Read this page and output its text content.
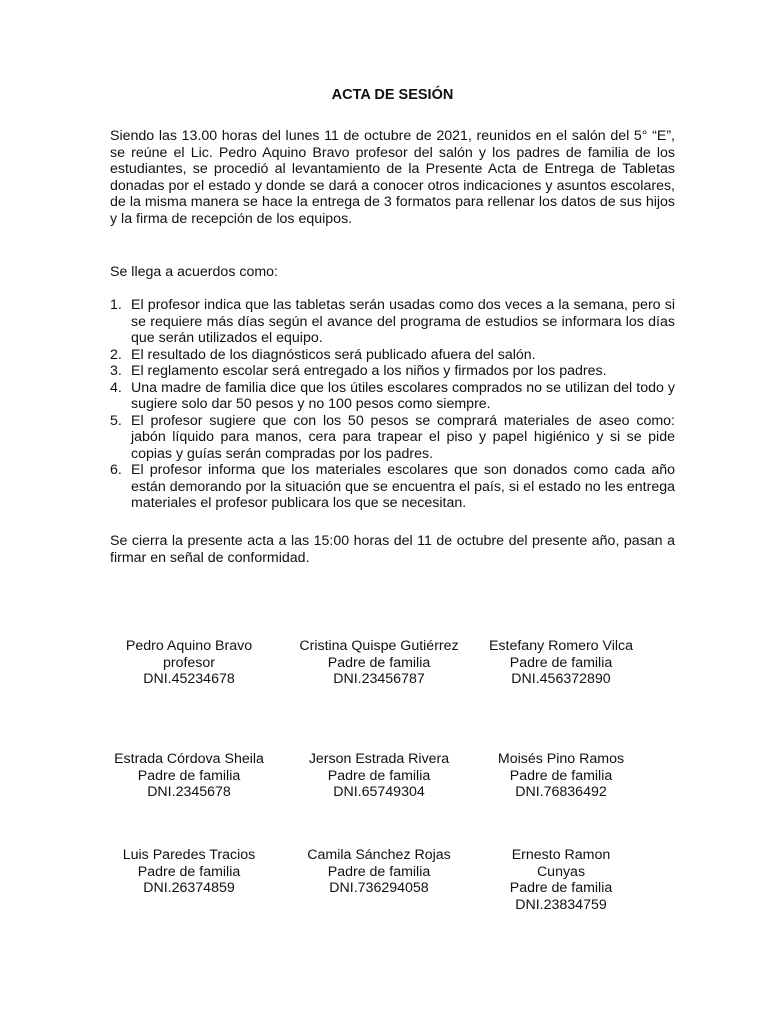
ACTA DE SESIÓN

Siendo las 13.00 horas del lunes 11 de octubre de 2021, reunidos en el salón del 5° “E”, se reúne el Lic. Pedro Aquino Bravo profesor del salón y los padres de familia de los estudiantes, se procedió al levantamiento de la Presente Acta de Entrega de Tabletas donadas por el estado y donde se dará a conocer otros indicaciones y asuntos escolares, de la misma manera se hace la entrega de 3 formatos para rellenar los datos de sus hijos y la firma de recepción de los equipos.

Se llega a acuerdos como:

1. El profesor indica que las tabletas serán usadas como dos veces a la semana, pero si se requiere más días según el avance del programa de estudios se informara los días que serán utilizados el equipo.
2. El resultado de los diagnósticos será publicado afuera del salón.
3. El reglamento escolar será entregado a los niños y firmados por los padres.
4. Una madre de familia dice que los útiles escolares comprados no se utilizan del todo y sugiere solo dar 50 pesos y no 100 pesos como siempre.
5. El profesor sugiere que con los 50 pesos se comprará materiales de aseo como: jabón líquido para manos, cera para trapear el piso y papel higiénico y si se pide copias y guías serán compradas por los padres.
6. El profesor informa que los materiales escolares que son donados como cada año están demorando por la situación que se encuentra el país, si el estado no les entrega materiales el profesor publicara los que se necesitan.

Se cierra la presente acta a las 15:00 horas del 11 de octubre del presente año, pasan a firmar en señal de conformidad.

Pedro Aquino Bravo
profesor
DNI.45234678
Cristina Quispe Gutiérrez
Padre de familia
DNI.23456787
Estefany Romero Vilca
Padre de familia
DNI.456372890
Estrada Córdova Sheila
Padre de familia
DNI.2345678
Jerson Estrada Rivera
Padre de familia
DNI.65749304
Moisés Pino Ramos
Padre de familia
DNI.76836492
Luis Paredes Tracios
Padre de familia
DNI.26374859
Camila Sánchez Rojas
Padre de familia
DNI.736294058
Ernesto Ramon Cunyas
Padre de familia
DNI.23834759
